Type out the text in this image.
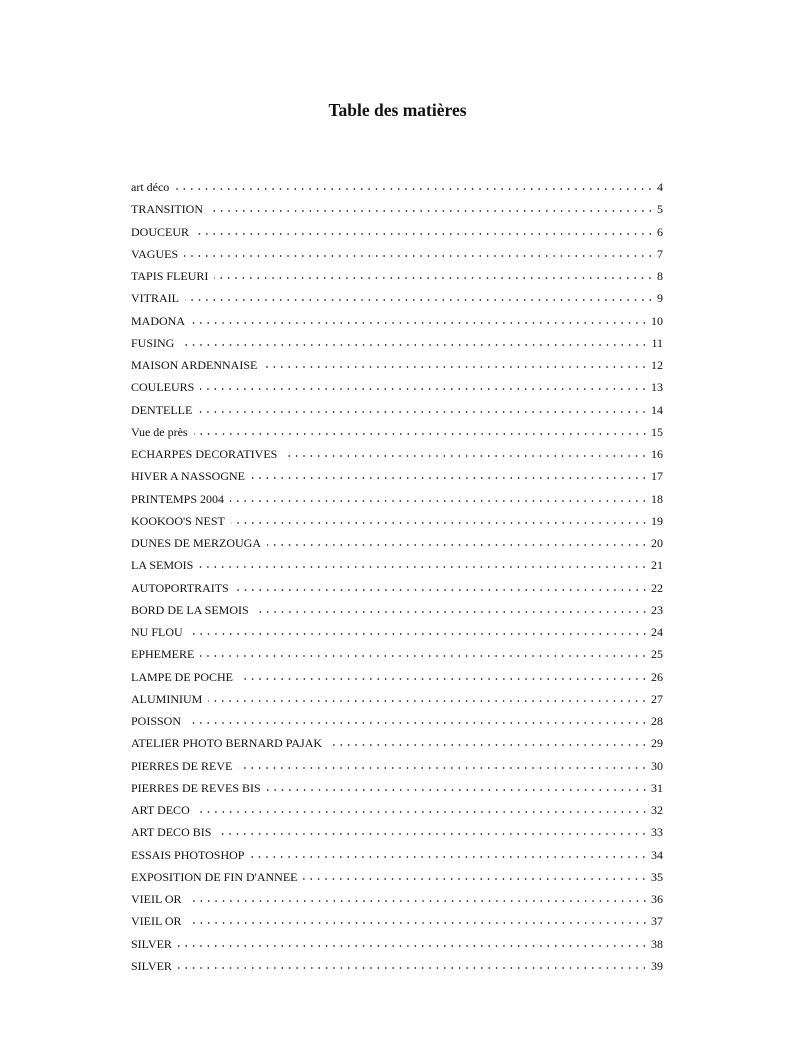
Table des matières
art déco	4
TRANSITION	5
DOUCEUR	6
VAGUES	7
TAPIS FLEURI	8
VITRAIL	9
MADONA	10
FUSING	11
MAISON ARDENNAISE	12
COULEURS	13
DENTELLE	14
Vue de près	15
ECHARPES DECORATIVES	16
HIVER A NASSOGNE	17
PRINTEMPS 2004	18
KOOKOO'S NEST	19
DUNES DE MERZOUGA	20
LA SEMOIS	21
AUTOPORTRAITS	22
BORD DE LA SEMOIS	23
NU FLOU	24
EPHEMERE	25
LAMPE DE POCHE	26
ALUMINIUM	27
POISSON	28
ATELIER PHOTO BERNARD PAJAK	29
PIERRES DE REVE	30
PIERRES DE REVES BIS	31
ART DECO	32
ART DECO BIS	33
ESSAIS PHOTOSHOP	34
EXPOSITION DE FIN D'ANNEE	35
VIEIL OR	36
VIEIL OR	37
SILVER	38
SILVER	39
